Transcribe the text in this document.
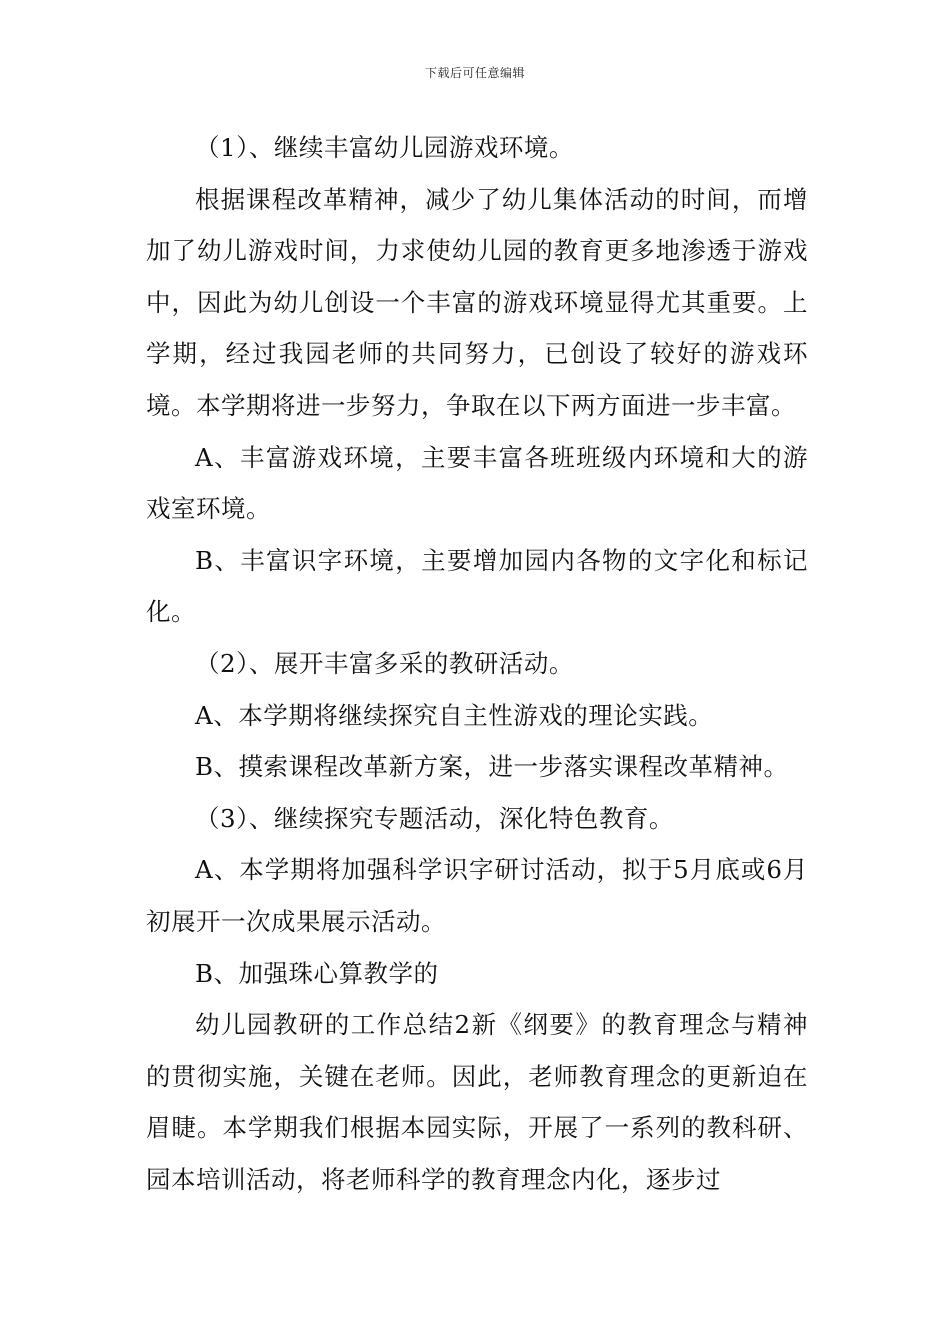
下载后可任意编辑

（1）、继续丰富幼儿园游戏环境。

根据课程改革精神，减少了幼儿集体活动的时间，而增加了幼儿游戏时间，力求使幼儿园的教育更多地渗透于游戏中，因此为幼儿创设一个丰富的游戏环境显得尤其重要。上学期，经过我园老师的共同努力，已创设了较好的游戏环境。本学期将进一步努力，争取在以下两方面进一步丰富。

A、丰富游戏环境，主要丰富各班班级内环境和大的游戏室环境。

B、丰富识字环境，主要增加园内各物的文字化和标记化。

（2）、展开丰富多采的教研活动。

A、本学期将继续探究自主性游戏的理论实践。

B、摸索课程改革新方案，进一步落实课程改革精神。

（3）、继续探究专题活动，深化特色教育。

A、本学期将加强科学识字研讨活动，拟于5月底或6月初展开一次成果展示活动。

B、加强珠心算教学的

幼儿园教研的工作总结2新《纲要》的教育理念与精神的贯彻实施，关键在老师。因此，老师教育理念的更新迫在眉睫。本学期我们根据本园实际，开展了一系列的教科研、园本培训活动，将老师科学的教育理念内化，逐步过
